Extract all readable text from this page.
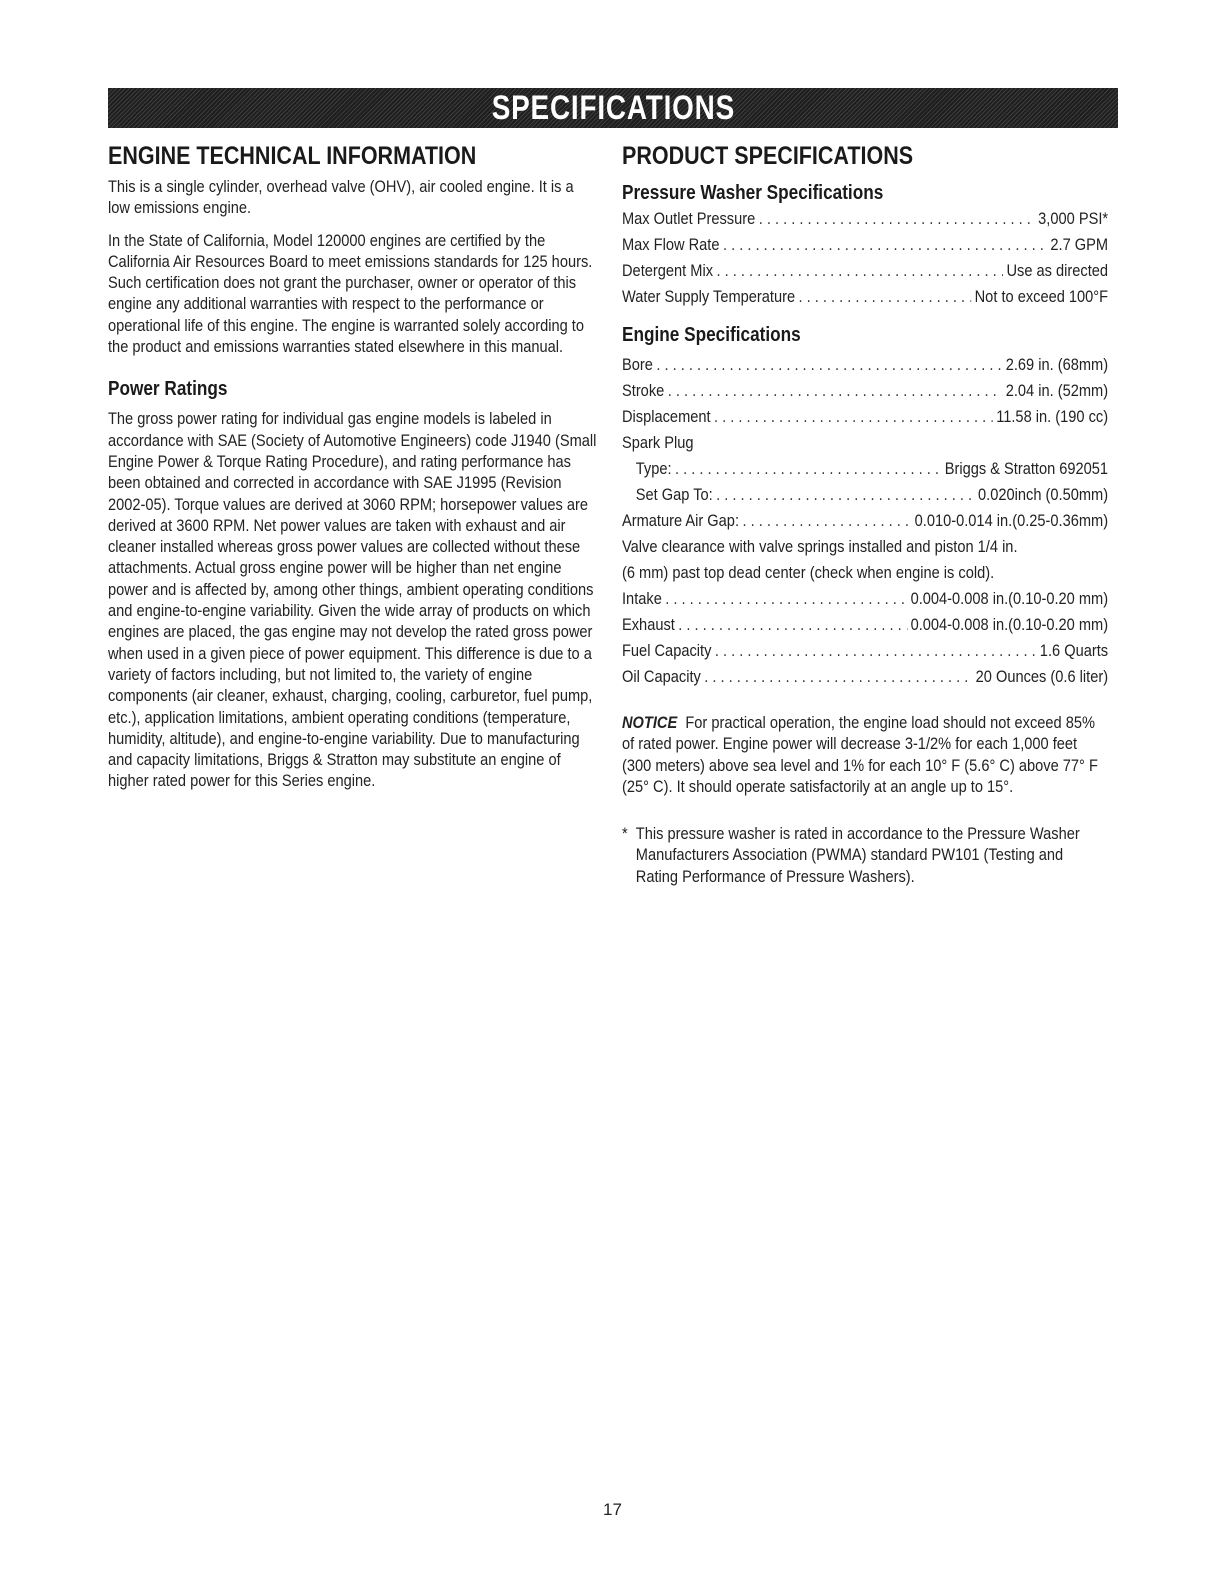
SPECIFICATIONS
ENGINE TECHNICAL INFORMATION

This is a single cylinder, overhead valve (OHV), air cooled engine. It is a low emissions engine.

In the State of California, Model 120000 engines are certified by the California Air Resources Board to meet emissions standards for 125 hours. Such certification does not grant the purchaser, owner or operator of this engine any additional warranties with respect to the performance or operational life of this engine. The engine is warranted solely according to the product and emissions warranties stated elsewhere in this manual.

Power Ratings

The gross power rating for individual gas engine models is labeled in accordance with SAE (Society of Automotive Engineers) code J1940 (Small Engine Power & Torque Rating Procedure), and rating performance has been obtained and corrected in accordance with SAE J1995 (Revision 2002-05). Torque values are derived at 3060 RPM; horsepower values are derived at 3600 RPM. Net power values are taken with exhaust and air cleaner installed whereas gross power values are collected without these attachments. Actual gross engine power will be higher than net engine power and is affected by, among other things, ambient operating conditions and engine-to-engine variability. Given the wide array of products on which engines are placed, the gas engine may not develop the rated gross power when used in a given piece of power equipment. This difference is due to a variety of factors including, but not limited to, the variety of engine components (air cleaner, exhaust, charging, cooling, carburetor, fuel pump, etc.), application limitations, ambient operating conditions (temperature, humidity, altitude), and engine-to-engine variability. Due to manufacturing and capacity limitations, Briggs & Stratton may substitute an engine of higher rated power for this Series engine.

PRODUCT SPECIFICATIONS
Pressure Washer Specifications
Max Outlet Pressure . . .	3,000 PSI*
Max Flow Rate . . .	2.7 GPM
Detergent Mix . . .	Use as directed
Water Supply Temperature . . .	Not to exceed 100°F
Engine Specifications
Bore . . .	2.69 in. (68mm)
Stroke . . .	2.04 in. (52mm)
Displacement . . .	11.58 in. (190 cc)
Spark Plug
Type: . . .	Briggs & Stratton 692051
Set Gap To: . . .	0.020inch (0.50mm)
Armature Air Gap: . . .	0.010-0.014 in.(0.25-0.36mm)
Valve clearance with valve springs installed and piston 1/4 in.
(6 mm) past top dead center (check when engine is cold).
Intake . . .	0.004-0.008 in.(0.10-0.20 mm)
Exhaust . . .	0.004-0.008 in.(0.10-0.20 mm)
Fuel Capacity . . .	1.6 Quarts
Oil Capacity . . .	20 Ounces (0.6 liter)

NOTICE For practical operation, the engine load should not exceed 85% of rated power. Engine power will decrease 3-1/2% for each 1,000 feet (300 meters) above sea level and 1% for each 10° F (5.6° C) above 77° F (25° C). It should operate satisfactorily at an angle up to 15°.

* This pressure washer is rated in accordance to the Pressure Washer Manufacturers Association (PWMA) standard PW101 (Testing and Rating Performance of Pressure Washers).
17
